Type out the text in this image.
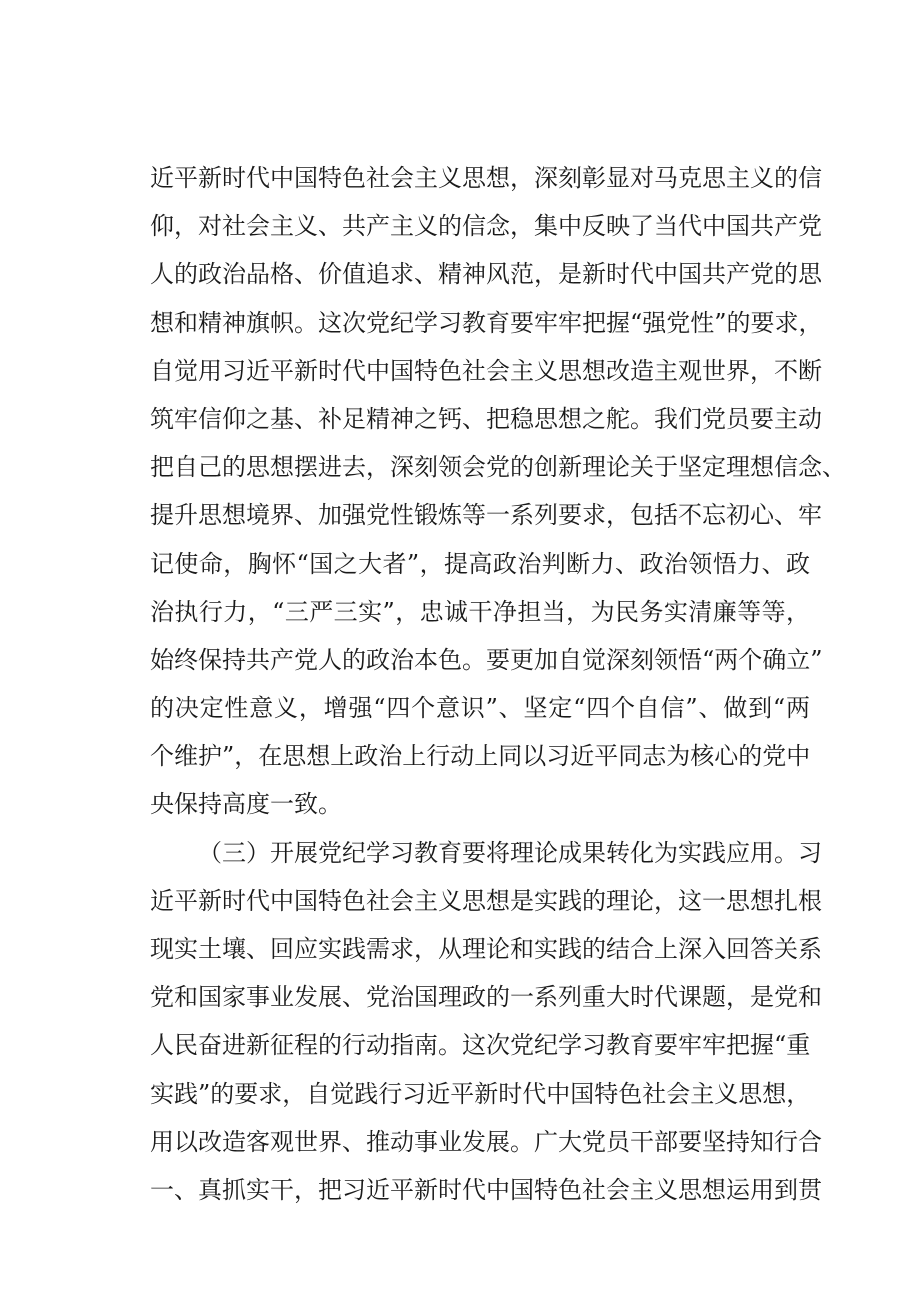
近平新时代中国特色社会主义思想，深刻彰显对马克思主义的信
仰，对社会主义、共产主义的信念，集中反映了当代中国共产党
人的政治品格、价值追求、精神风范，是新时代中国共产党的思
想和精神旗帜。这次党纪学习教育要牢牢把握“强党性”的要求，
自觉用习近平新时代中国特色社会主义思想改造主观世界，不断
筑牢信仰之基、补足精神之钙、把稳思想之舵。我们党员要主动
把自己的思想摆进去，深刻领会党的创新理论关于坚定理想信念、
提升思想境界、加强党性锻炼等一系列要求，包括不忘初心、牢
记使命，胸怀“国之大者”，提高政治判断力、政治领悟力、政
治执行力，“三严三实”，忠诚干净担当，为民务实清廉等等，
始终保持共产党人的政治本色。要更加自觉深刻领悟“两个确立”
的决定性意义，增强“四个意识”、坚定“四个自信”、做到“两
个维护”，在思想上政治上行动上同以习近平同志为核心的党中
央保持高度一致。
（三）开展党纪学习教育要将理论成果转化为实践应用。习
近平新时代中国特色社会主义思想是实践的理论，这一思想扎根
现实土壤、回应实践需求，从理论和实践的结合上深入回答关系
党和国家事业发展、党治国理政的一系列重大时代课题，是党和
人民奋进新征程的行动指南。这次党纪学习教育要牢牢把握“重
实践”的要求，自觉践行习近平新时代中国特色社会主义思想，
用以改造客观世界、推动事业发展。广大党员干部要坚持知行合
一、真抓实干，把习近平新时代中国特色社会主义思想运用到贯
